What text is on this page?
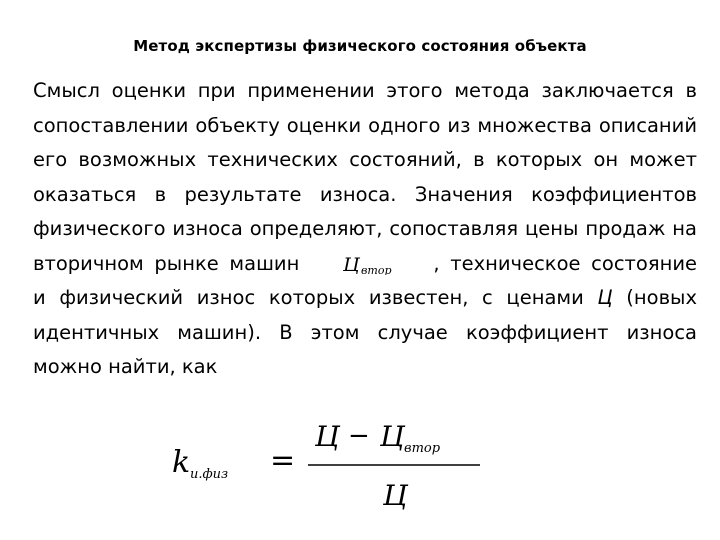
Метод экспертизы физического состояния объекта
Смысл оценки при применении этого метода заключается в сопоставлении объекту оценки одного из множества описаний его возможных технических состояний, в которых он может оказаться в результате износа. Значения коэффициентов физического износа определяют, сопоставляя цены продаж на вторичном рынке машин Ц втор , техническое состояние и физический износ которых известен, с ценами Ц (новых идентичных машин). В этом случае коэффициент износа можно найти, как
k и.физ =
Ц − Ц втор
Ц
